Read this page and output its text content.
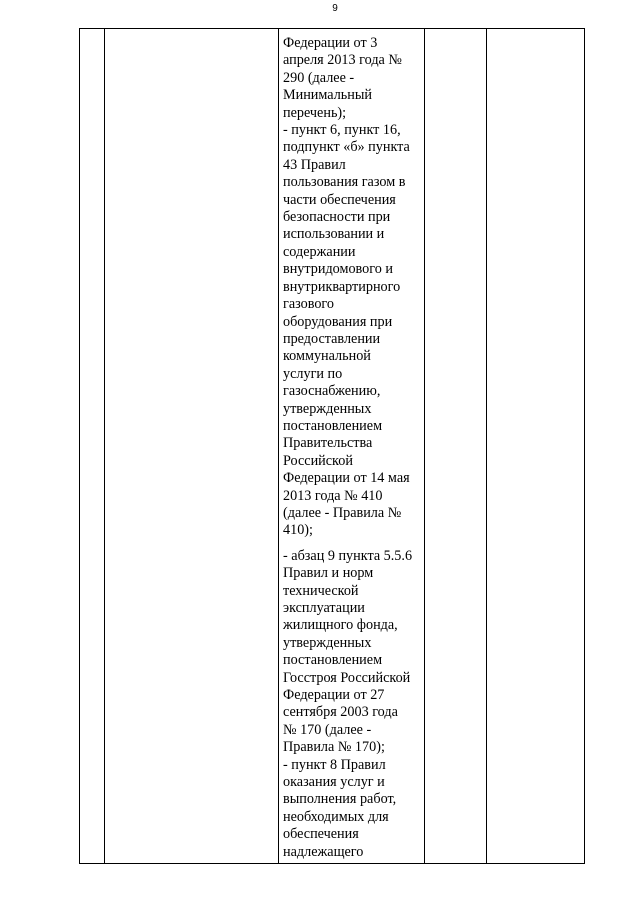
9
Федерации от 3
апреля 2013 года №
290 (далее -
Минимальный
перечень);
- пункт 6, пункт 16,
подпункт «б» пункта
43 Правил
пользования газом в
части обеспечения
безопасности при
использовании и
содержании
внутридомового и
внутриквартирного
газового
оборудования при
предоставлении
коммунальной
услуги по
газоснабжению,
утвержденных
постановлением
Правительства
Российской
Федерации от 14 мая
2013 года № 410
(далее - Правила №
410);
- абзац 9 пункта 5.5.6
Правил и норм
технической
эксплуатации
жилищного фонда,
утвержденных
постановлением
Госстроя Российской
Федерации от 27
сентября 2003 года
№ 170 (далее -
Правила № 170);
- пункт 8 Правил
оказания услуг и
выполнения работ,
необходимых для
обеспечения
надлежащего
